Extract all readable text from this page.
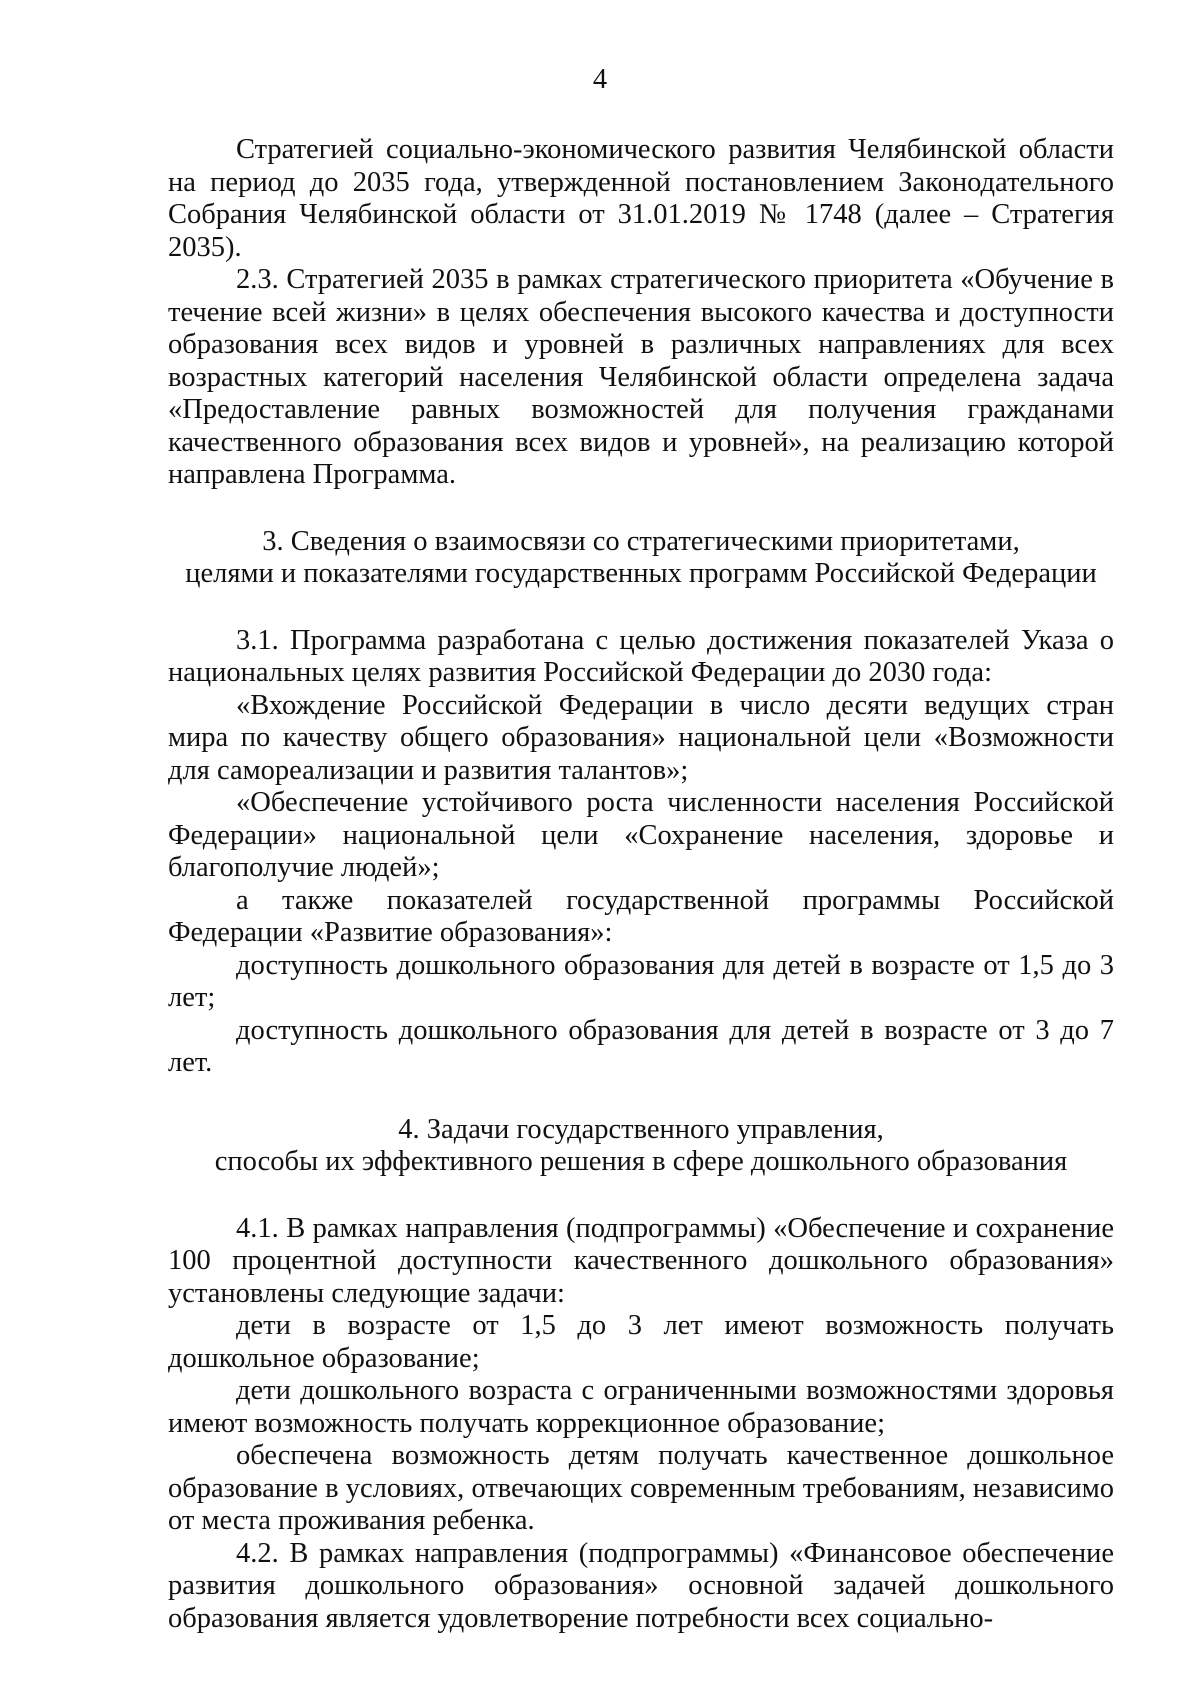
4

Стратегией социально-экономического развития Челябинской области на период до 2035 года, утвержденной постановлением Законодательного Собрания Челябинской области от 31.01.2019 № 1748 (далее – Стратегия 2035).

2.3. Стратегией 2035 в рамках стратегического приоритета «Обучение в течение всей жизни» в целях обеспечения высокого качества и доступности образования всех видов и уровней в различных направлениях для всех возрастных категорий населения Челябинской области определена задача «Предоставление равных возможностей для получения гражданами качественного образования всех видов и уровней», на реализацию которой направлена Программа.

3. Сведения о взаимосвязи со стратегическими приоритетами,

целями и показателями государственных программ Российской Федерации

3.1. Программа разработана с целью достижения показателей Указа о национальных целях развития Российской Федерации до 2030 года:

«Вхождение Российской Федерации в число десяти ведущих стран мира по качеству общего образования» национальной цели «Возможности для самореализации и развития талантов»;

«Обеспечение устойчивого роста численности населения Российской Федерации» национальной цели «Сохранение населения, здоровье и благополучие людей»;

а также показателей государственной программы Российской Федерации «Развитие образования»:

доступность дошкольного образования для детей в возрасте от 1,5 до 3 лет;

доступность дошкольного образования для детей в возрасте от 3 до 7 лет.

4. Задачи государственного управления,

способы их эффективного решения в сфере дошкольного образования

4.1. В рамках направления (подпрограммы) «Обеспечение и сохранение 100 процентной доступности качественного дошкольного образования» установлены следующие задачи:

дети в возрасте от 1,5 до 3 лет имеют возможность получать дошкольное образование;

дети дошкольного возраста с ограниченными возможностями здоровья имеют возможность получать коррекционное образование;

обеспечена возможность детям получать качественное дошкольное образование в условиях, отвечающих современным требованиям, независимо от места проживания ребенка.

4.2. В рамках направления (подпрограммы) «Финансовое обеспечение развития дошкольного образования» основной задачей дошкольного образования является удовлетворение потребности всех социально-
